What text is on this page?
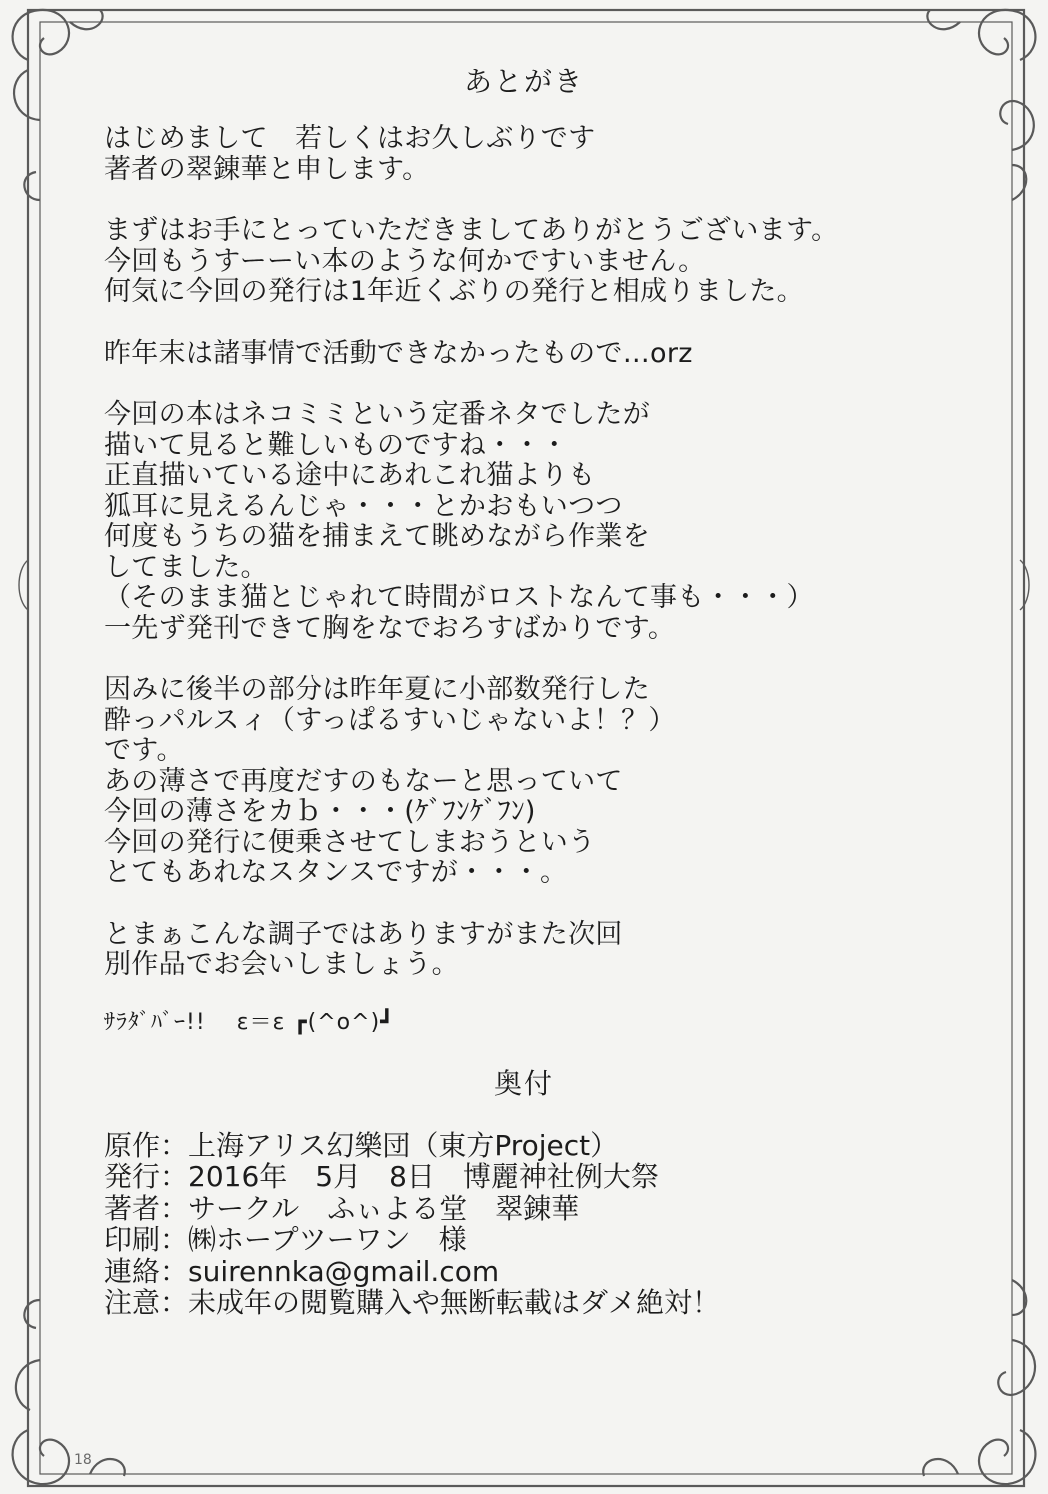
あとがき
はじめまして　若しくはお久しぶりです
著者の翠錬華と申します。
まずはお手にとっていただきましてありがとうございます。
今回もうすーーい本のような何かですいません。
何気に今回の発行は1年近くぶりの発行と相成りました。
昨年末は諸事情で活動できなかったもので…orz
今回の本はネコミミという定番ネタでしたが
描いて見ると難しいものですね・・・
正直描いている途中にあれこれ猫よりも
狐耳に見えるんじゃ・・・とかおもいつつ
何度もうちの猫を捕まえて眺めながら作業を
してました。
（そのまま猫とじゃれて時間がロストなんて事も・・・）
一先ず発刊できて胸をなでおろすばかりです。
因みに後半の部分は昨年夏に小部数発行した
酔っパルスィ（すっぱるすいじゃないよ！？）
です。
あの薄さで再度だすのもなーと思っていて
今回の薄さをカｂ・・・(ｹﾞﾌﾝｹﾞﾌﾝ)
今回の発行に便乗させてしまおうという
とてもあれなスタンスですが・・・。
とまぁこんな調子ではありますがまた次回
別作品でお会いしましょう。
ｻﾗﾀﾞﾊﾞｰ!!　 ε＝ε ┏(^o^)┛
奥付
原作：上海アリス幻樂団（東方Project）
発行：2016年　5月　8日　博麗神社例大祭
著者：サークル　ふぃよる堂　翠錬華
印刷：㈱ホープツーワン　様
連絡：suirennka@gmail.com
注意：未成年の閲覧購入や無断転載はダメ絶対！
18
